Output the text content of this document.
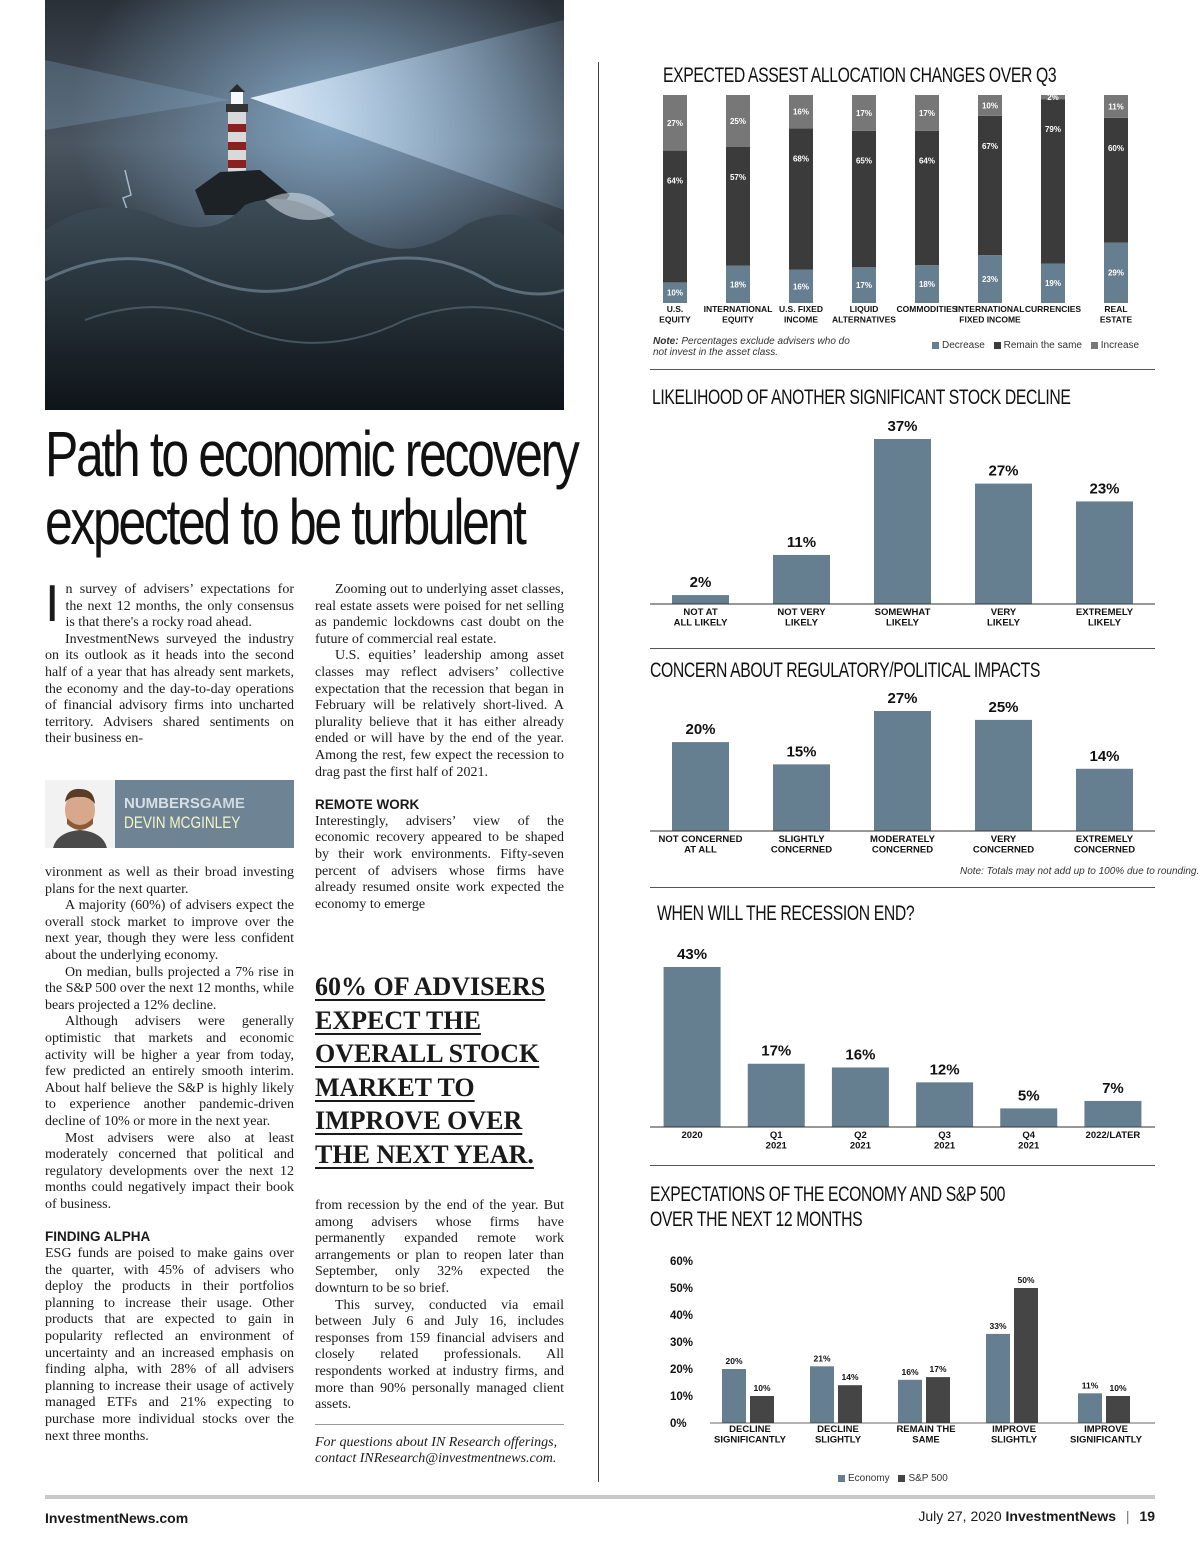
Path to economic recovery
expected to be turbulent

In survey of advisers’ expectations for the next 12 months, the only consensus is that there's a rocky road ahead.

InvestmentNews surveyed the industry on its outlook as it heads into the second half of a year that has already sent markets, the economy and the day-to-day operations of financial advisory firms into uncharted territory. Advisers shared sentiments on their business en-

NUMBERSGAME
DEVIN MCGINLEY

vironment as well as their broad investing plans for the next quarter.

A majority (60%) of advisers expect the overall stock market to improve over the next year, though they were less confident about the underlying economy.

On median, bulls projected a 7% rise in the S&P 500 over the next 12 months, while bears projected a 12% decline.

Although advisers were generally optimistic that markets and economic activity will be higher a year from today, few predicted an entirely smooth interim. About half believe the S&P is highly likely to experience another pandemic-driven decline of 10% or more in the next year.

Most advisers were also at least moderately concerned that political and regulatory developments over the next 12 months could negatively impact their book of business.

FINDING ALPHA

ESG funds are poised to make gains over the quarter, with 45% of advisers who deploy the products in their portfolios planning to increase their usage. Other products that are expected to gain in popularity reflected an environment of uncertainty and an increased emphasis on finding alpha, with 28% of all advisers planning to increase their usage of actively managed ETFs and 21% expecting to purchase more individual stocks over the next three months.

Zooming out to underlying asset classes, real estate assets were poised for net selling as pandemic lockdowns cast doubt on the future of commercial real estate.

U.S. equities’ leadership among asset classes may reflect advisers’ collective expectation that the recession that began in February will be relatively short-lived. A plurality believe that it has either already ended or will have by the end of the year. Among the rest, few expect the recession to drag past the first half of 2021.

REMOTE WORK

Interestingly, advisers’ view of the economic recovery appeared to be shaped by their work environments. Fifty-seven percent of advisers whose firms have already resumed onsite work expected the economy to emerge

60% OF ADVISERS
EXPECT THE
OVERALL STOCK
MARKET TO
IMPROVE OVER
THE NEXT YEAR.

from recession by the end of the year. But among advisers whose firms have permanently expanded remote work arrangements or plan to reopen later than September, only 32% expected the downturn to be so brief.

This survey, conducted via email between July 6 and July 16, includes responses from 159 financial advisers and closely related professionals. All respondents worked at industry firms, and more than 90% personally managed client assets.

For questions about IN Research offerings, contact INResearch@investmentnews.com.

EXPECTED ASSEST ALLOCATION CHANGES OVER Q3
10%
64%
27%
U.S.
EQUITY
18%
57%
25%
INTERNATIONAL
EQUITY
16%
68%
16%
U.S. FIXED
INCOME
17%
65%
17%
LIQUID
ALTERNATIVES
18%
64%
17%
COMMODITIES
23%
67%
10%
INTERNATIONAL
FIXED INCOME
19%
79%
2%
CURRENCIES
29%
60%
11%
REAL
ESTATE
Note: Percentages exclude advisers who do not invest in the asset class.
Decrease Remain the same Increase
LIKELIHOOD OF ANOTHER SIGNIFICANT STOCK DECLINE
2%
NOT AT
ALL LIKELY
11%
NOT VERY
LIKELY
37%
SOMEWHAT
LIKELY
27%
VERY
LIKELY
23%
EXTREMELY
LIKELY
CONCERN ABOUT REGULATORY/POLITICAL IMPACTS
20%
NOT CONCERNED
AT ALL
15%
SLIGHTLY
CONCERNED
27%
MODERATELY
CONCERNED
25%
VERY
CONCERNED
14%
EXTREMELY
CONCERNED
Note: Totals may not add up to 100% due to rounding.
WHEN WILL THE RECESSION END?
43%
2020
17%
Q1
2021
16%
Q2
2021
12%
Q3
2021
5%
Q4
2021
7%
2022/LATER
EXPECTATIONS OF THE ECONOMY AND S&P 500
OVER THE NEXT 12 MONTHS
0%
10%
20%
30%
40%
50%
60%
20%
10%
DECLINE
SIGNIFICANTLY
21%
14%
DECLINE
SLIGHTLY
16% 17%
REMAIN THE
SAME
33%
50%
IMPROVE
SLIGHTLY
11% 10%
IMPROVE
SIGNIFICANTLY
Economy S&P 500
InvestmentNews.com	July 27, 2020 InvestmentNews | 19
